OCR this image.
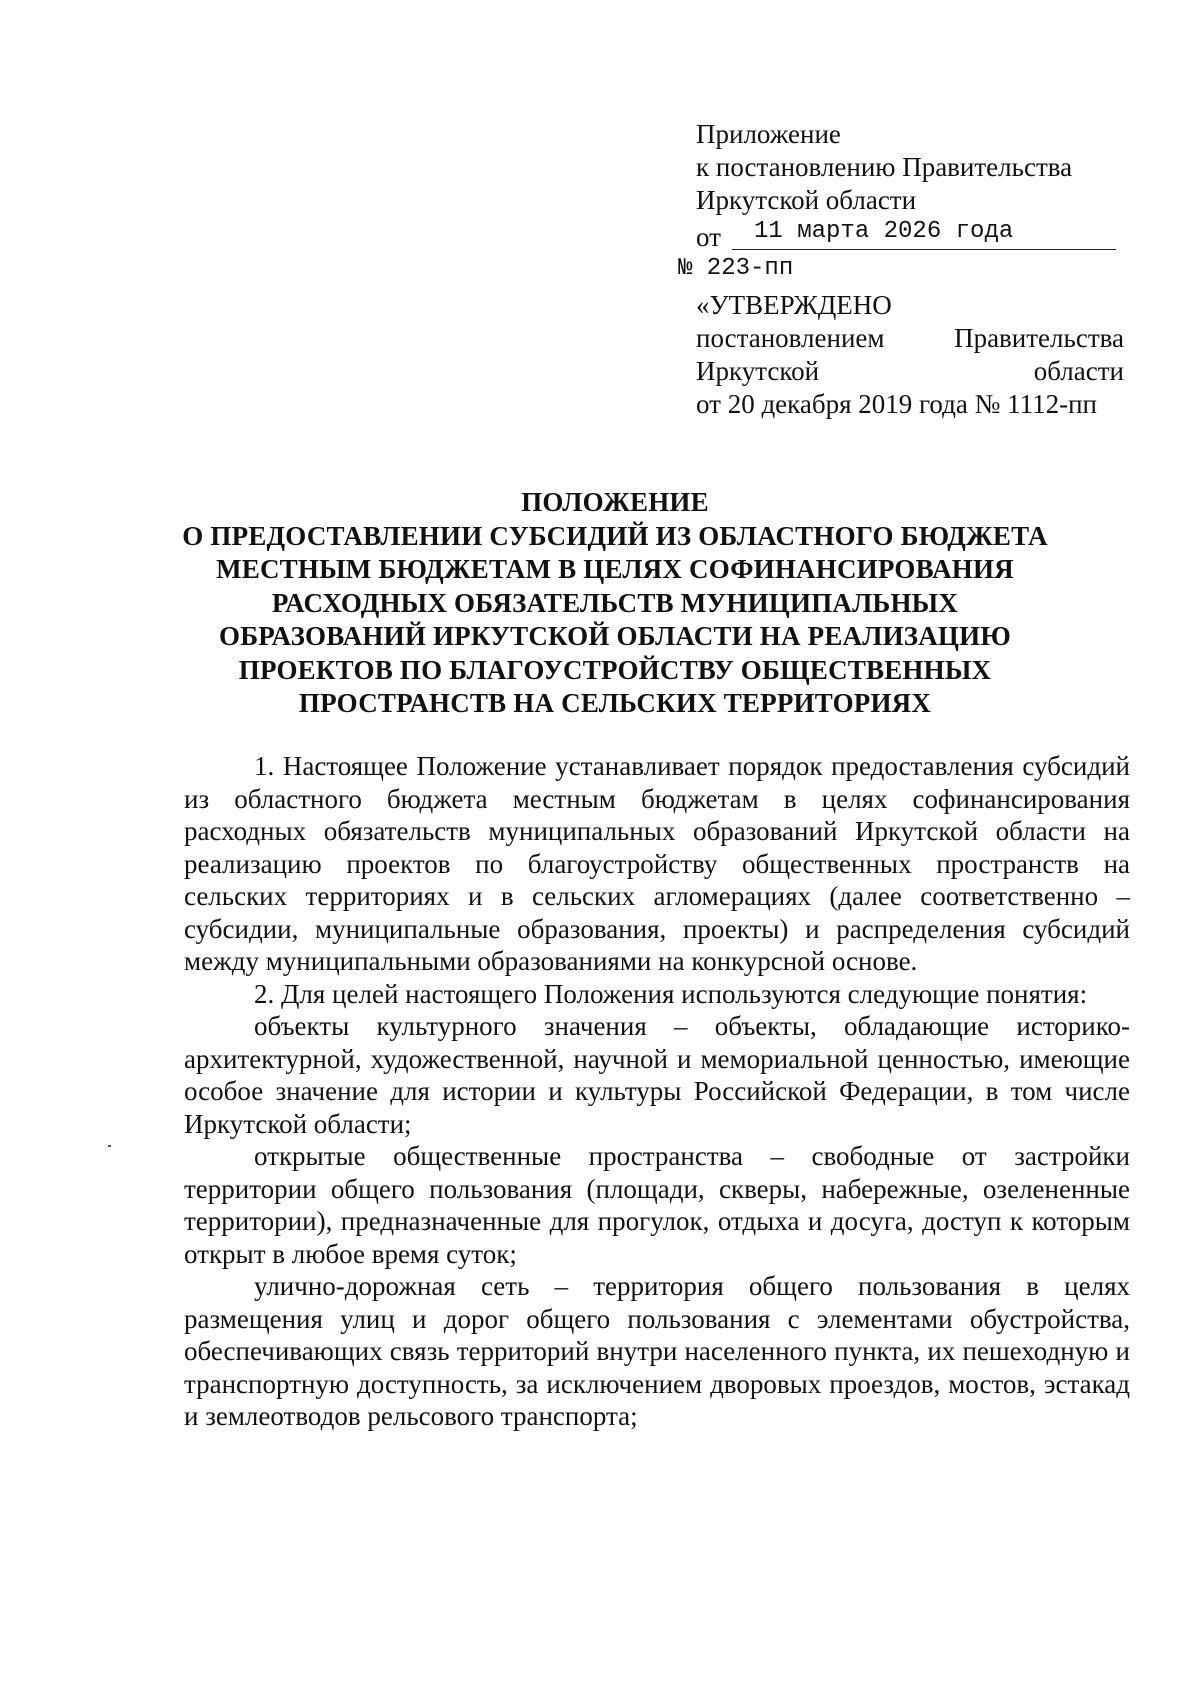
Приложение
к постановлению Правительства
Иркутской области
от 11 марта 2026 года
№ 223-пп
«УТВЕРЖДЕНО
постановлением Правительства
Иркутской области
от 20 декабря 2019 года № 1112-пп
ПОЛОЖЕНИЕ
О ПРЕДОСТАВЛЕНИИ СУБСИДИЙ ИЗ ОБЛАСТНОГО БЮДЖЕТА МЕСТНЫМ БЮДЖЕТАМ В ЦЕЛЯХ СОФИНАНСИРОВАНИЯ РАСХОДНЫХ ОБЯЗАТЕЛЬСТВ МУНИЦИПАЛЬНЫХ ОБРАЗОВАНИЙ ИРКУТСКОЙ ОБЛАСТИ НА РЕАЛИЗАЦИЮ ПРОЕКТОВ ПО БЛАГОУСТРОЙСТВУ ОБЩЕСТВЕННЫХ ПРОСТРАНСТВ НА СЕЛЬСКИХ ТЕРРИТОРИЯХ

1. Настоящее Положение устанавливает порядок предоставления субсидий из областного бюджета местным бюджетам в целях софинансирования расходных обязательств муниципальных образований Иркутской области на реализацию проектов по благоустройству общественных пространств на сельских территориях и в сельских агломерациях (далее соответственно – субсидии, муниципальные образования, проекты) и распределения субсидий между муниципальными образованиями на конкурсной основе.

2. Для целей настоящего Положения используются следующие понятия:

объекты культурного значения – объекты, обладающие историко-архитектурной, художественной, научной и мемориальной ценностью, имеющие особое значение для истории и культуры Российской Федерации, в том числе Иркутской области;

открытые общественные пространства – свободные от застройки территории общего пользования (площади, скверы, набережные, озелененные территории), предназначенные для прогулок, отдыха и досуга, доступ к которым открыт в любое время суток;

улично-дорожная сеть – территория общего пользования в целях размещения улиц и дорог общего пользования с элементами обустройства, обеспечивающих связь территорий внутри населенного пункта, их пешеходную и транспортную доступность, за исключением дворовых проездов, мостов, эстакад и землеотводов рельсового транспорта;
